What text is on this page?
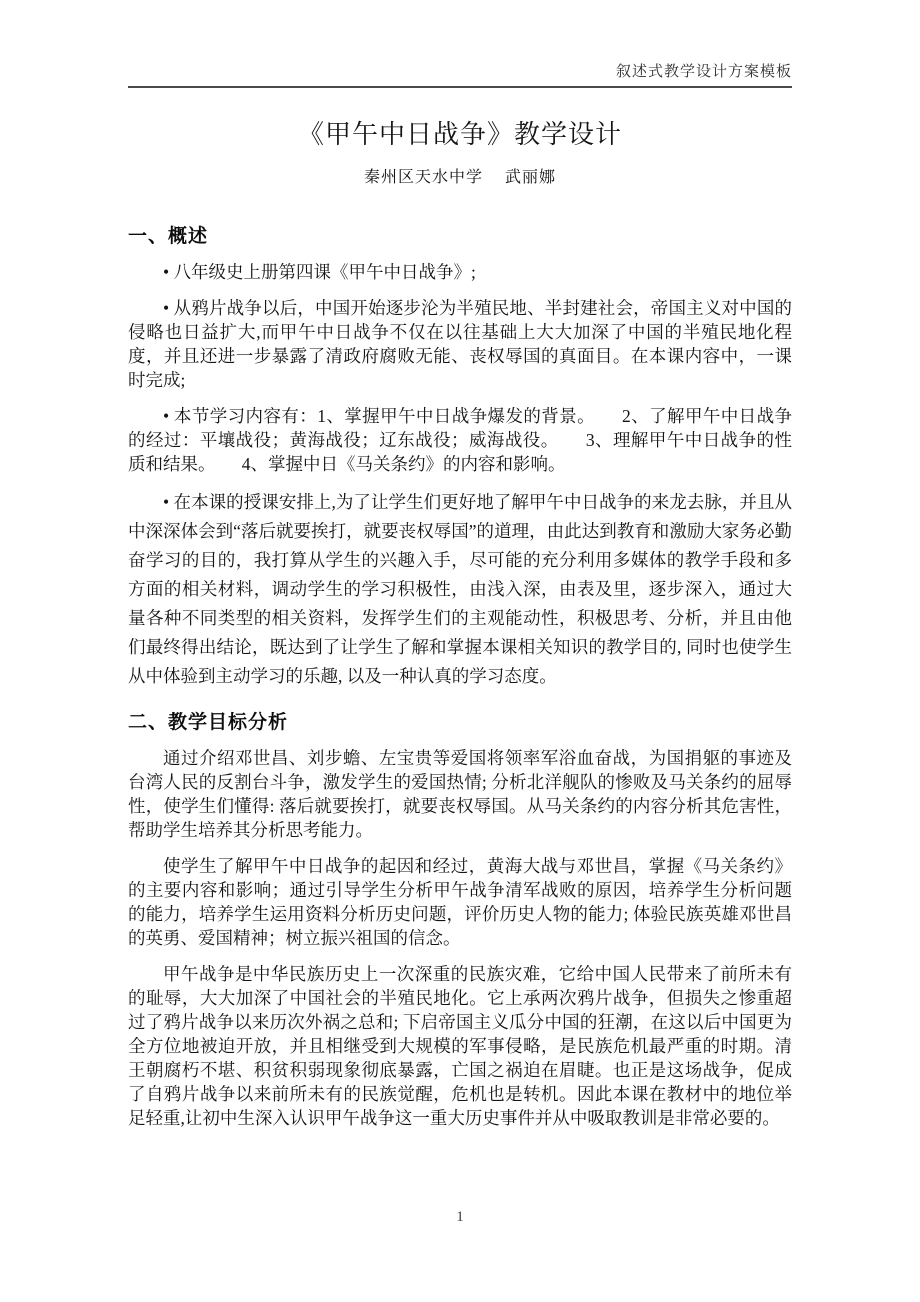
叙述式教学设计方案模板
《甲午中日战争》教学设计
秦州区天水中学　 武丽娜
一、概述

• 八年级史上册第四课《甲午中日战争》;

• 从鸦片战争以后，中国开始逐步沦为半殖民地、半封建社会，帝国主义对中国的侵略也日益扩大,而甲午中日战争不仅在以往基础上大大加深了中国的半殖民地化程度，并且还进一步暴露了清政府腐败无能、丧权辱国的真面目。在本课内容中，一课时完成;

• 本节学习内容有：1、掌握甲午中日战争爆发的背景。　　2、了解甲午中日战争的经过：平壤战役；黄海战役；辽东战役；威海战役。　　3、理解甲午中日战争的性质和结果。　　4、掌握中日《马关条约》的内容和影响。

• 在本课的授课安排上,为了让学生们更好地了解甲午中日战争的来龙去脉，并且从中深深体会到“落后就要挨打，就要丧权辱国”的道理，由此达到教育和激励大家务必勤奋学习的目的，我打算从学生的兴趣入手，尽可能的充分利用多媒体的教学手段和多方面的相关材料，调动学生的学习积极性，由浅入深，由表及里，逐步深入，通过大量各种不同类型的相关资料，发挥学生们的主观能动性，积极思考、分析，并且由他们最终得出结论，既达到了让学生了解和掌握本课相关知识的教学目的, 同时也使学生从中体验到主动学习的乐趣, 以及一种认真的学习态度。

二、教学目标分析

通过介绍邓世昌、刘步蟾、左宝贵等爱国将领率军浴血奋战，为国捐躯的事迹及台湾人民的反割台斗争，激发学生的爱国热情; 分析北洋舰队的惨败及马关条约的屈辱性，使学生们懂得: 落后就要挨打，就要丧权辱国。从马关条约的内容分析其危害性，帮助学生培养其分析思考能力。

使学生了解甲午中日战争的起因和经过，黄海大战与邓世昌，掌握《马关条约》的主要内容和影响；通过引导学生分析甲午战争清军战败的原因，培养学生分析问题的能力，培养学生运用资料分析历史问题，评价历史人物的能力; 体验民族英雄邓世昌的英勇、爱国精神；树立振兴祖国的信念。

甲午战争是中华民族历史上一次深重的民族灾难，它给中国人民带来了前所未有的耻辱，大大加深了中国社会的半殖民地化。它上承两次鸦片战争，但损失之惨重超过了鸦片战争以来历次外祸之总和; 下启帝国主义瓜分中国的狂潮，在这以后中国更为全方位地被迫开放，并且相继受到大规模的军事侵略，是民族危机最严重的时期。清王朝腐朽不堪、积贫积弱现象彻底暴露，亡国之祸迫在眉睫。也正是这场战争，促成了自鸦片战争以来前所未有的民族觉醒，危机也是转机。因此本课在教材中的地位举足轻重,让初中生深入认识甲午战争这一重大历史事件并从中吸取教训是非常必要的。

1
